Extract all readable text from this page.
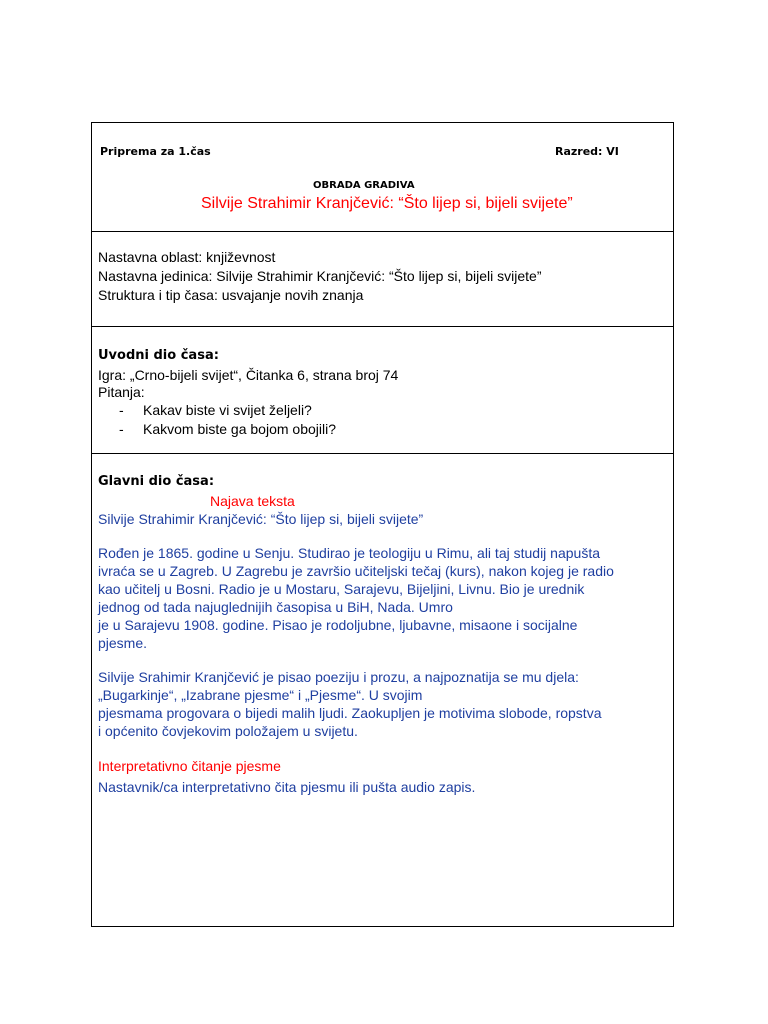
Priprema za 1.čas	Razred: VI
OBRADA GRADIVA
Silvije Strahimir Kranjčević: “Što lijep si, bijeli svijete”
Nastavna oblast: književnost
Nastavna jedinica: Silvije Strahimir Kranjčević: “Što lijep si, bijeli svijete”
Struktura i tip časa: usvajanje novih znanja
Uvodni dio časa:
Igra: „Crno-bijeli svijet“, Čitanka 6, strana broj 74
Pitanja:
- Kakav biste vi svijet željeli?
- Kakvom biste ga bojom obojili?
Glavni dio časa:
Najava teksta
Silvije Strahimir Kranjčević: “Što lijep si, bijeli svijete”
Rođen je 1865. godine u Senju. Studirao je teologiju u Rimu, ali taj studij napušta
ivraća se u Zagreb. U Zagrebu je završio učiteljski tečaj (kurs), nakon kojeg je radio
kao učitelj u Bosni. Radio je u Mostaru, Sarajevu, Bijeljini, Livnu. Bio je urednik
jednog od tada najuglednijih časopisa u BiH, Nada. Umro
je u Sarajevu 1908. godine. Pisao je rodoljubne, ljubavne, misaone i socijalne
pjesme.
Silvije Srahimir Kranjčević je pisao poeziju i prozu, a najpoznatija se mu djela:
„Bugarkinje“, „Izabrane pjesme“ i „Pjesme“. U svojim
pjesmama progovara o bijedi malih ljudi. Zaokupljen je motivima slobode, ropstva
i općenito čovjekovim položajem u svijetu.
Interpretativno čitanje pjesme
Nastavnik/ca interpretativno čita pjesmu ili pušta audio zapis.
